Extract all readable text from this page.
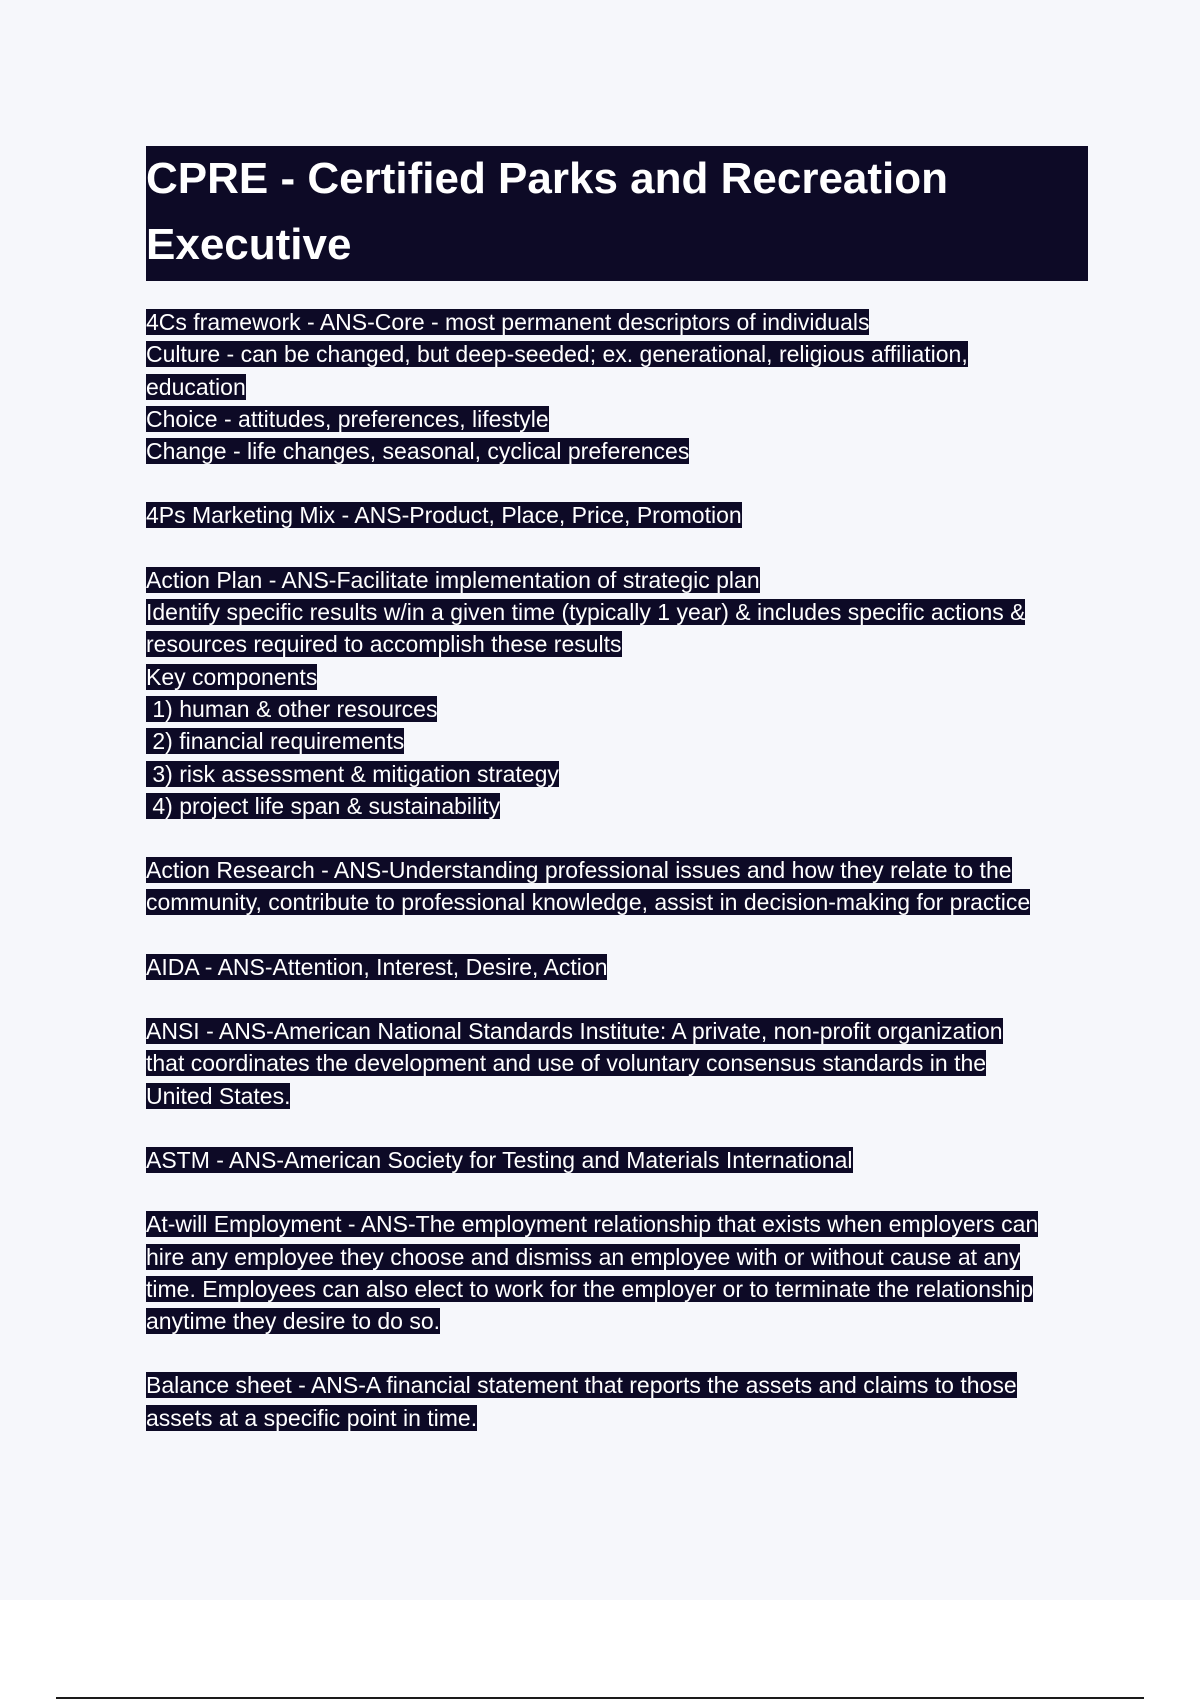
CPRE - Certified Parks and Recreation

Executive

4Cs framework - ANS-Core - most permanent descriptors of individuals
Culture - can be changed, but deep-seeded; ex. generational, religious affiliation,
education
Choice - attitudes, preferences, lifestyle
Change - life changes, seasonal, cyclical preferences
4Ps Marketing Mix - ANS-Product, Place, Price, Promotion
Action Plan - ANS-Facilitate implementation of strategic plan
Identify specific results w/in a given time (typically 1 year) & includes specific actions &
resources required to accomplish these results
Key components
1) human & other resources
2) financial requirements
3) risk assessment & mitigation strategy
4) project life span & sustainability
Action Research - ANS-Understanding professional issues and how they relate to the
community, contribute to professional knowledge, assist in decision-making for practice
AIDA - ANS-Attention, Interest, Desire, Action
ANSI - ANS-American National Standards Institute: A private, non-profit organization
that coordinates the development and use of voluntary consensus standards in the
United States.
ASTM - ANS-American Society for Testing and Materials International
At-will Employment - ANS-The employment relationship that exists when employers can
hire any employee they choose and dismiss an employee with or without cause at any
time. Employees can also elect to work for the employer or to terminate the relationship
anytime they desire to do so.
Balance sheet - ANS-A financial statement that reports the assets and claims to those
assets at a specific point in time.
